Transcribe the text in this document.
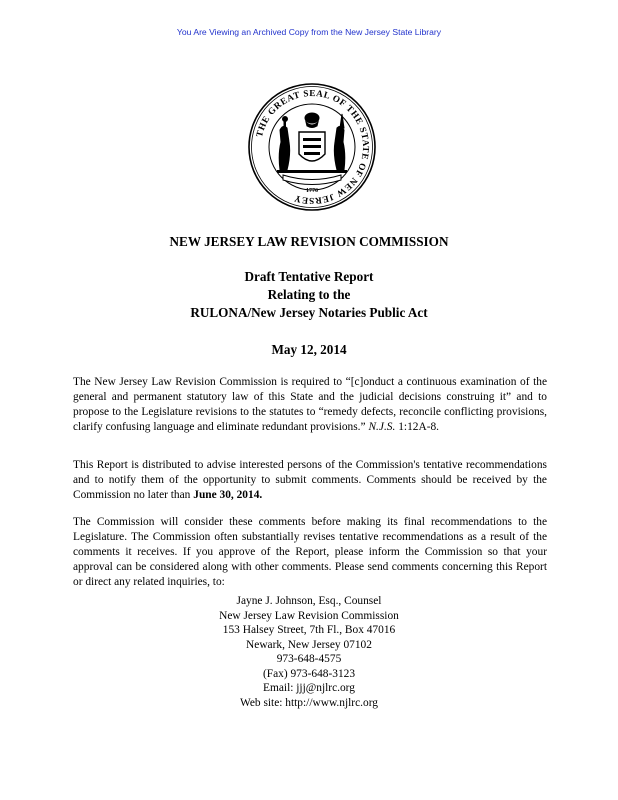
You Are Viewing an Archived Copy from the New Jersey State Library
THE GREAT SEAL OF THE STATE OF NEW JERSEY
1776
NEW JERSEY LAW REVISION COMMISSION
Draft Tentative Report
Relating to the
RULONA/New Jersey Notaries Public Act
May 12, 2014
The New Jersey Law Revision Commission is required to “[c]onduct a continuous examination of the general and permanent statutory law of this State and the judicial decisions construing it” and to propose to the Legislature revisions to the statutes to “remedy defects, reconcile conflicting provisions, clarify confusing language and eliminate redundant provisions.” N.J.S. 1:12A-8.
This Report is distributed to advise interested persons of the Commission's tentative recommendations and to notify them of the opportunity to submit comments. Comments should be received by the Commission no later than June 30, 2014.
The Commission will consider these comments before making its final recommendations to the Legislature. The Commission often substantially revises tentative recommendations as a result of the comments it receives. If you approve of the Report, please inform the Commission so that your approval can be considered along with other comments. Please send comments concerning this Report or direct any related inquiries, to:
Jayne J. Johnson, Esq., Counsel
New Jersey Law Revision Commission
153 Halsey Street, 7th Fl., Box 47016
Newark, New Jersey 07102
973-648-4575
(Fax) 973-648-3123
Email: jjj@njlrc.org
Web site: http://www.njlrc.org
